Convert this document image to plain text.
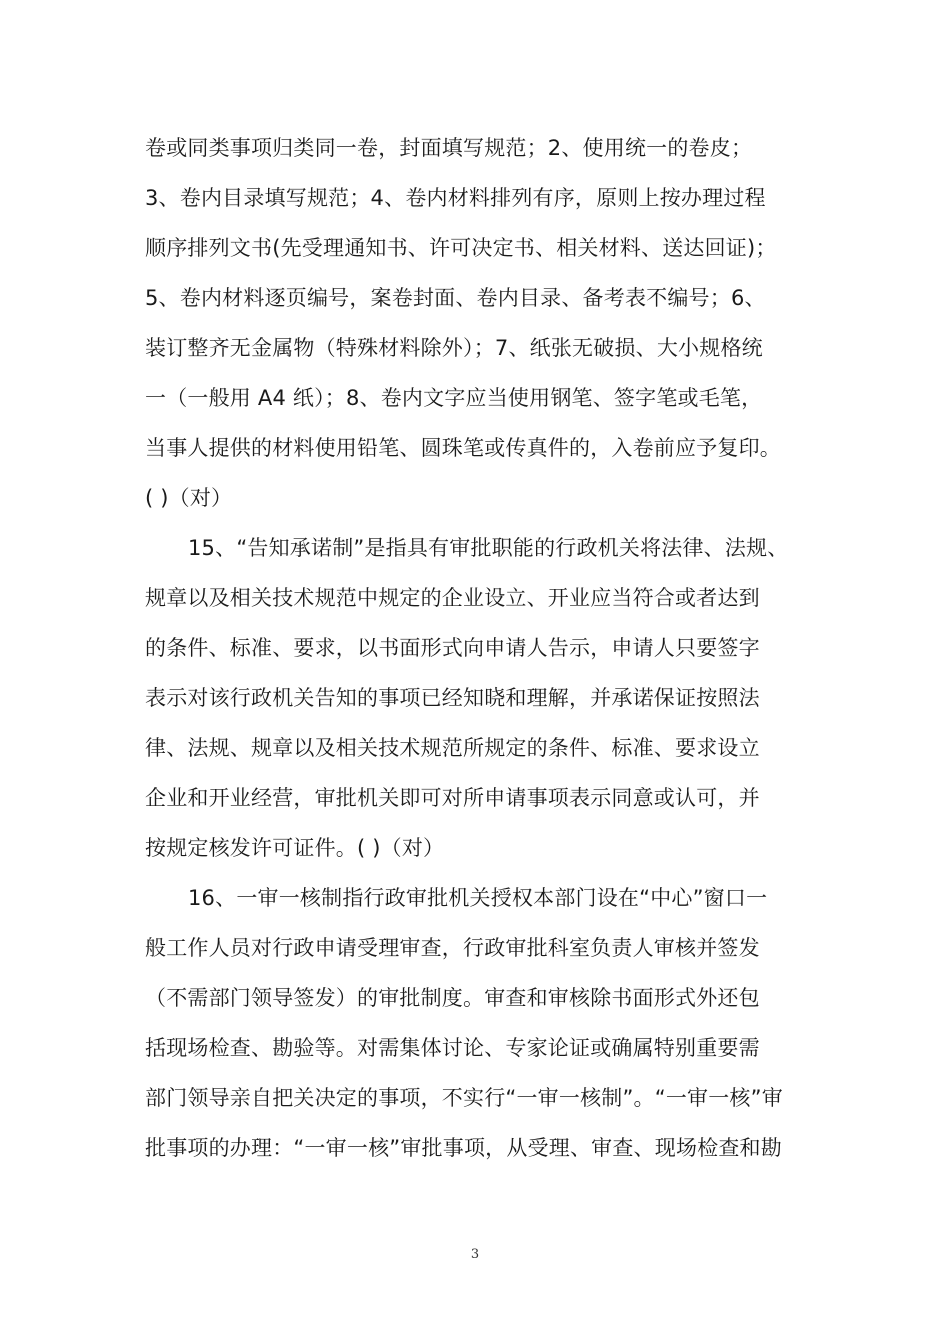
卷或同类事项归类同一卷，封面填写规范；2、使用统一的卷皮；
3、卷内目录填写规范；4、卷内材料排列有序，原则上按办理过程
顺序排列文书(先受理通知书、许可决定书、相关材料、送达回证)；
5、卷内材料逐页编号，案卷封面、卷内目录、备考表不编号；6、
装订整齐无金属物（特殊材料除外）；7、纸张无破损、大小规格统
一（一般用 A4 纸）；8、卷内文字应当使用钢笔、签字笔或毛笔，
当事人提供的材料使用铅笔、圆珠笔或传真件的，入卷前应予复印。
( )（对）
15、“告知承诺制”是指具有审批职能的行政机关将法律、法规、
规章以及相关技术规范中规定的企业设立、开业应当符合或者达到
的条件、标准、要求，以书面形式向申请人告示，申请人只要签字
表示对该行政机关告知的事项已经知晓和理解，并承诺保证按照法
律、法规、规章以及相关技术规范所规定的条件、标准、要求设立
企业和开业经营，审批机关即可对所申请事项表示同意或认可，并
按规定核发许可证件。( )（对）
16、一审一核制指行政审批机关授权本部门设在“中心”窗口一
般工作人员对行政申请受理审查，行政审批科室负责人审核并签发
（不需部门领导签发）的审批制度。审查和审核除书面形式外还包
括现场检查、勘验等。对需集体讨论、专家论证或确属特别重要需
部门领导亲自把关决定的事项，不实行“一审一核制”。“一审一核”审
批事项的办理：“一审一核”审批事项，从受理、审查、现场检查和勘
3
